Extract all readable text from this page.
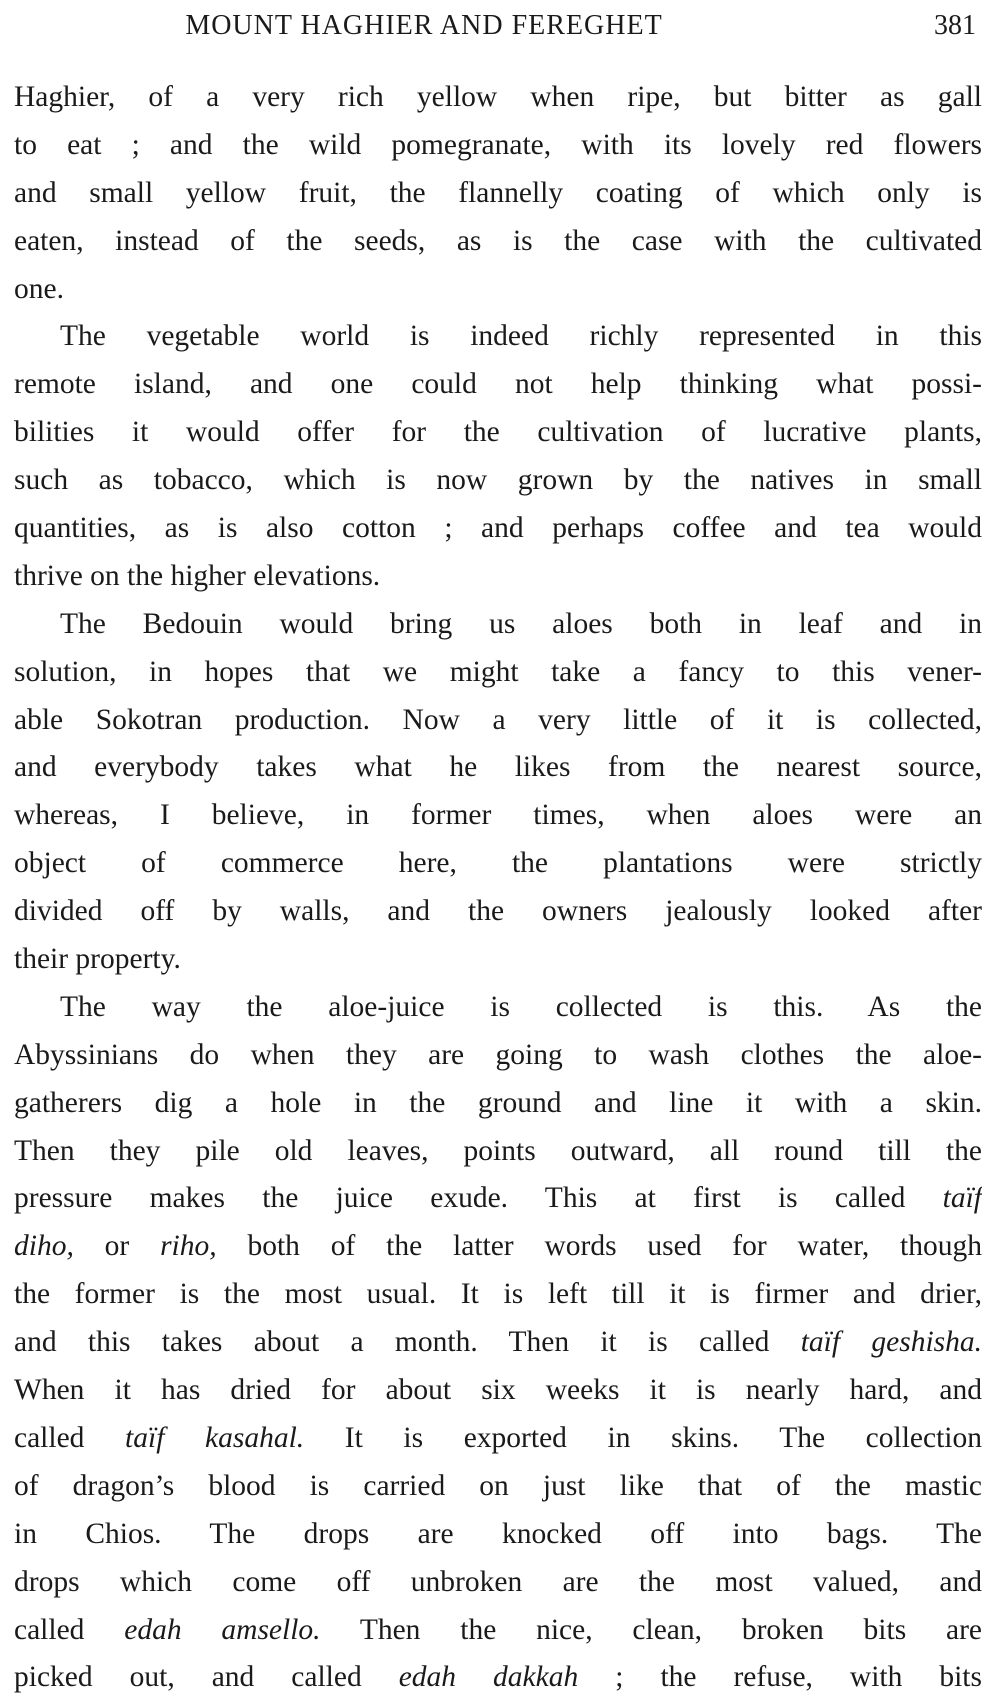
MOUNT HAGHIER AND FEREGHET	381
Haghier, of a very rich yellow when ripe, but bitter as gall
to eat ; and the wild pomegranate, with its lovely red flowers
and small yellow fruit, the flannelly coating of which only is
eaten, instead of the seeds, as is the case with the cultivated
one.
The vegetable world is indeed richly represented in this
remote island, and one could not help thinking what possi-
bilities it would offer for the cultivation of lucrative plants,
such as tobacco, which is now grown by the natives in small
quantities, as is also cotton ; and perhaps coffee and tea would
thrive on the higher elevations.
The Bedouin would bring us aloes both in leaf and in
solution, in hopes that we might take a fancy to this vener-
able Sokotran production. Now a very little of it is collected,
and everybody takes what he likes from the nearest source,
whereas, I believe, in former times, when aloes were an
object of commerce here, the plantations were strictly
divided off by walls, and the owners jealously looked after
their property.
The way the aloe-juice is collected is this. As the
Abyssinians do when they are going to wash clothes the aloe-
gatherers dig a hole in the ground and line it with a skin.
Then they pile old leaves, points outward, all round till the
pressure makes the juice exude. This at first is called taïf
diho, or riho, both of the latter words used for water, though
the former is the most usual. It is left till it is firmer and drier,
and this takes about a month. Then it is called taïf geshisha.
When it has dried for about six weeks it is nearly hard, and
called taïf kasahal. It is exported in skins. The collection
of dragon’s blood is carried on just like that of the mastic
in Chios. The drops are knocked off into bags. The
drops which come off unbroken are the most valued, and
called edah amsello. Then the nice, clean, broken bits are
picked out, and called edah dakkah ; the refuse, with bits
